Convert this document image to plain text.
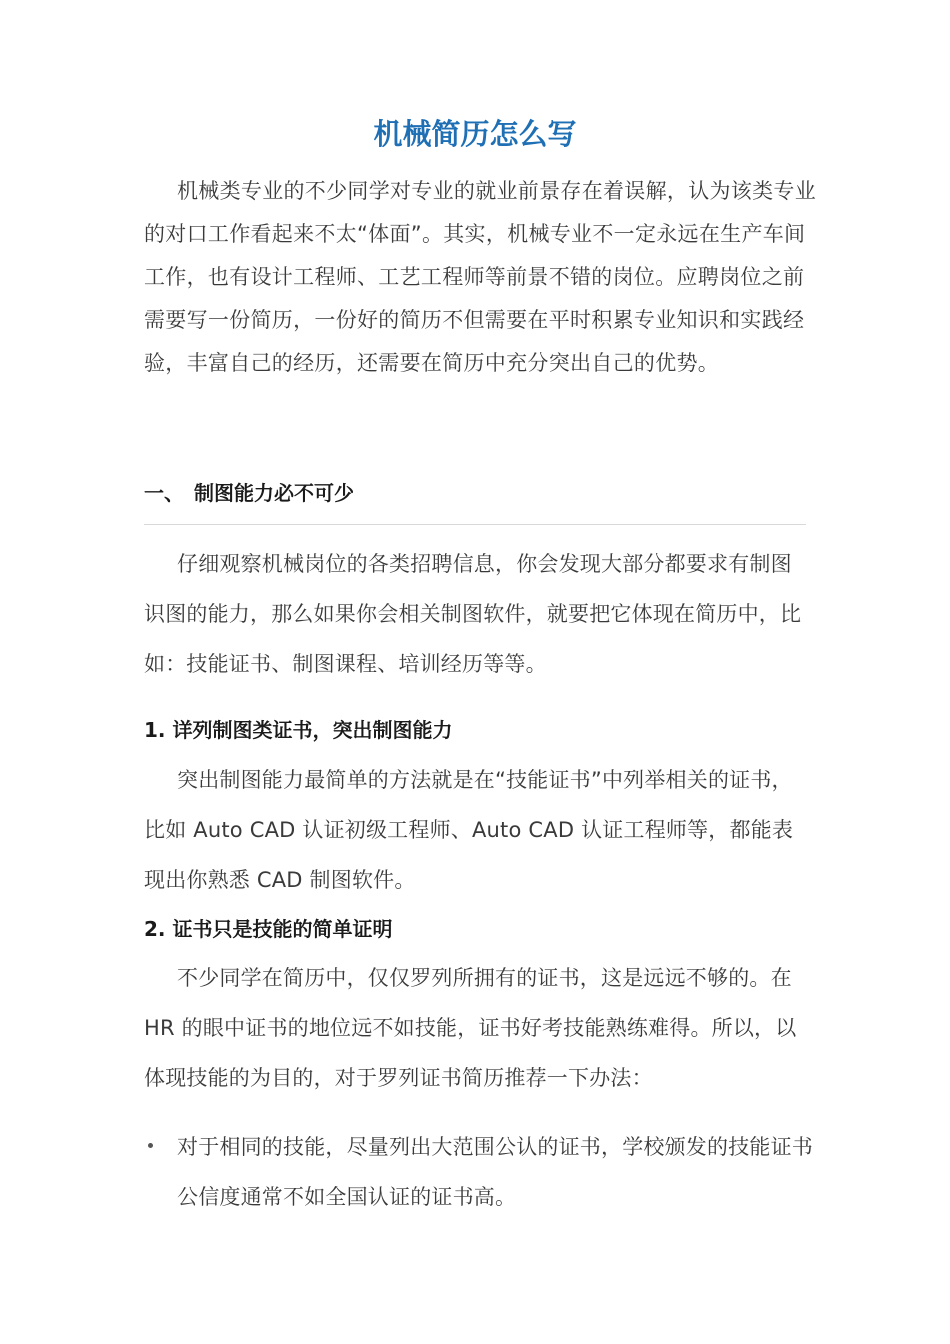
机械简历怎么写

机械类专业的不少同学对专业的就业前景存在着误解，认为该类专业的对口工作看起来不太“体面”。其实，机械专业不一定永远在生产车间工作，也有设计工程师、工艺工程师等前景不错的岗位。应聘岗位之前需要写一份简历，一份好的简历不但需要在平时积累专业知识和实践经验，丰富自己的经历，还需要在简历中充分突出自己的优势。

一、 制图能力必不可少

仔细观察机械岗位的各类招聘信息，你会发现大部分都要求有制图识图的能力，那么如果你会相关制图软件，就要把它体现在简历中，比如：技能证书、制图课程、培训经历等等。

1. 详列制图类证书，突出制图能力

突出制图能力最简单的方法就是在“技能证书”中列举相关的证书，比如 Auto CAD 认证初级工程师、Auto CAD 认证工程师等，都能表现出你熟悉 CAD 制图软件。

2. 证书只是技能的简单证明

不少同学在简历中，仅仅罗列所拥有的证书，这是远远不够的。在 HR 的眼中证书的地位远不如技能，证书好考技能熟练难得。所以，以体现技能的为目的，对于罗列证书简历推荐一下办法：

对于相同的技能，尽量列出大范围公认的证书，学校颁发的技能证书公信度通常不如全国认证的证书高。
